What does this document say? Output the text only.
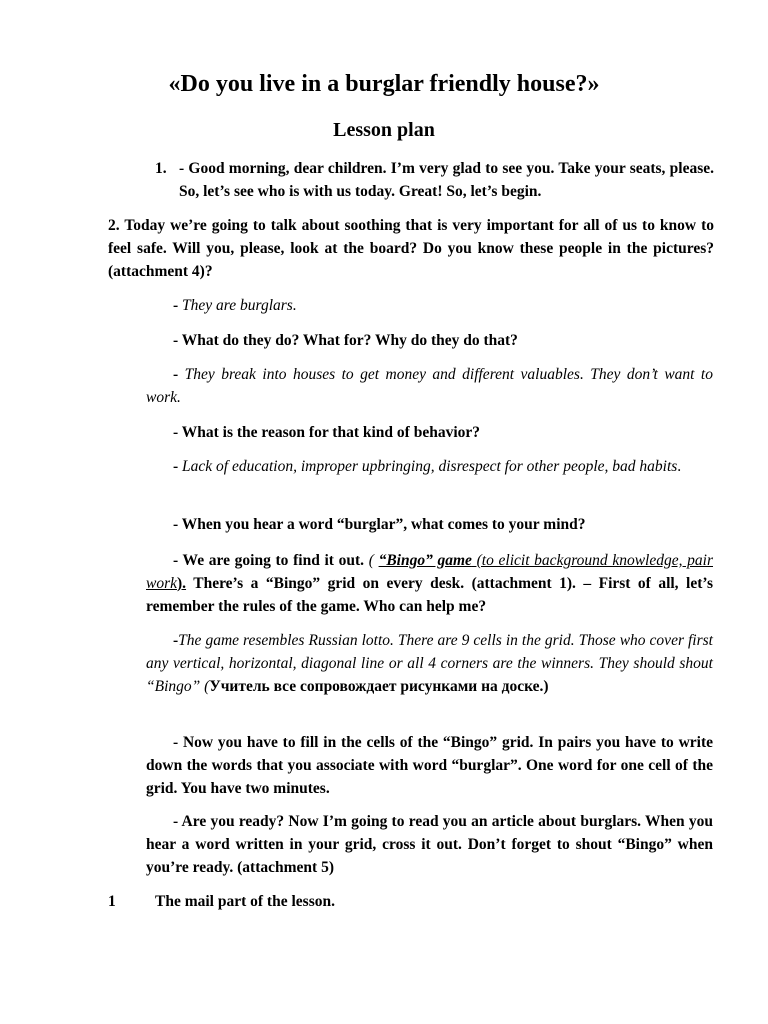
«Do you live in a burglar friendly house?»
Lesson plan
1. - Good morning, dear children. I’m very glad to see you. Take your seats, please. So, let’s see who is with us today. Great! So, let’s begin.

2. Today we’re going to talk about soothing that is very important for all of us to know to feel safe. Will you, please, look at the board? Do you know these people in the pictures? (attachment 4)?

- They are burglars.

- What do they do? What for? Why do they do that?

- They break into houses to get money and different valuables. They don’t want to work.

- What is the reason for that kind of behavior?

- Lack of education, improper upbringing, disrespect for other people, bad habits.

- When you hear a word “burglar”, what comes to your mind?

- We are going to find it out. ( “Bingo” game (to elicit background knowledge, pair work). There’s a “Bingo” grid on every desk. (attachment 1). – First of all, let’s remember the rules of the game. Who can help me?

-The game resembles Russian lotto. There are 9 cells in the grid. Those who cover first any vertical, horizontal, diagonal line or all 4 corners are the winners. They should shout “Bingo” (Учитель все сопровождает рисунками на доске.)

- Now you have to fill in the cells of the “Bingo” grid. In pairs you have to write down the words that you associate with word “burglar”. One word for one cell of the grid. You have two minutes.

- Are you ready? Now I’m going to read you an article about burglars. When you hear a word written in your grid, cross it out. Don’t forget to shout “Bingo” when you’re ready. (attachment 5)

1	The mail part of the lesson.
